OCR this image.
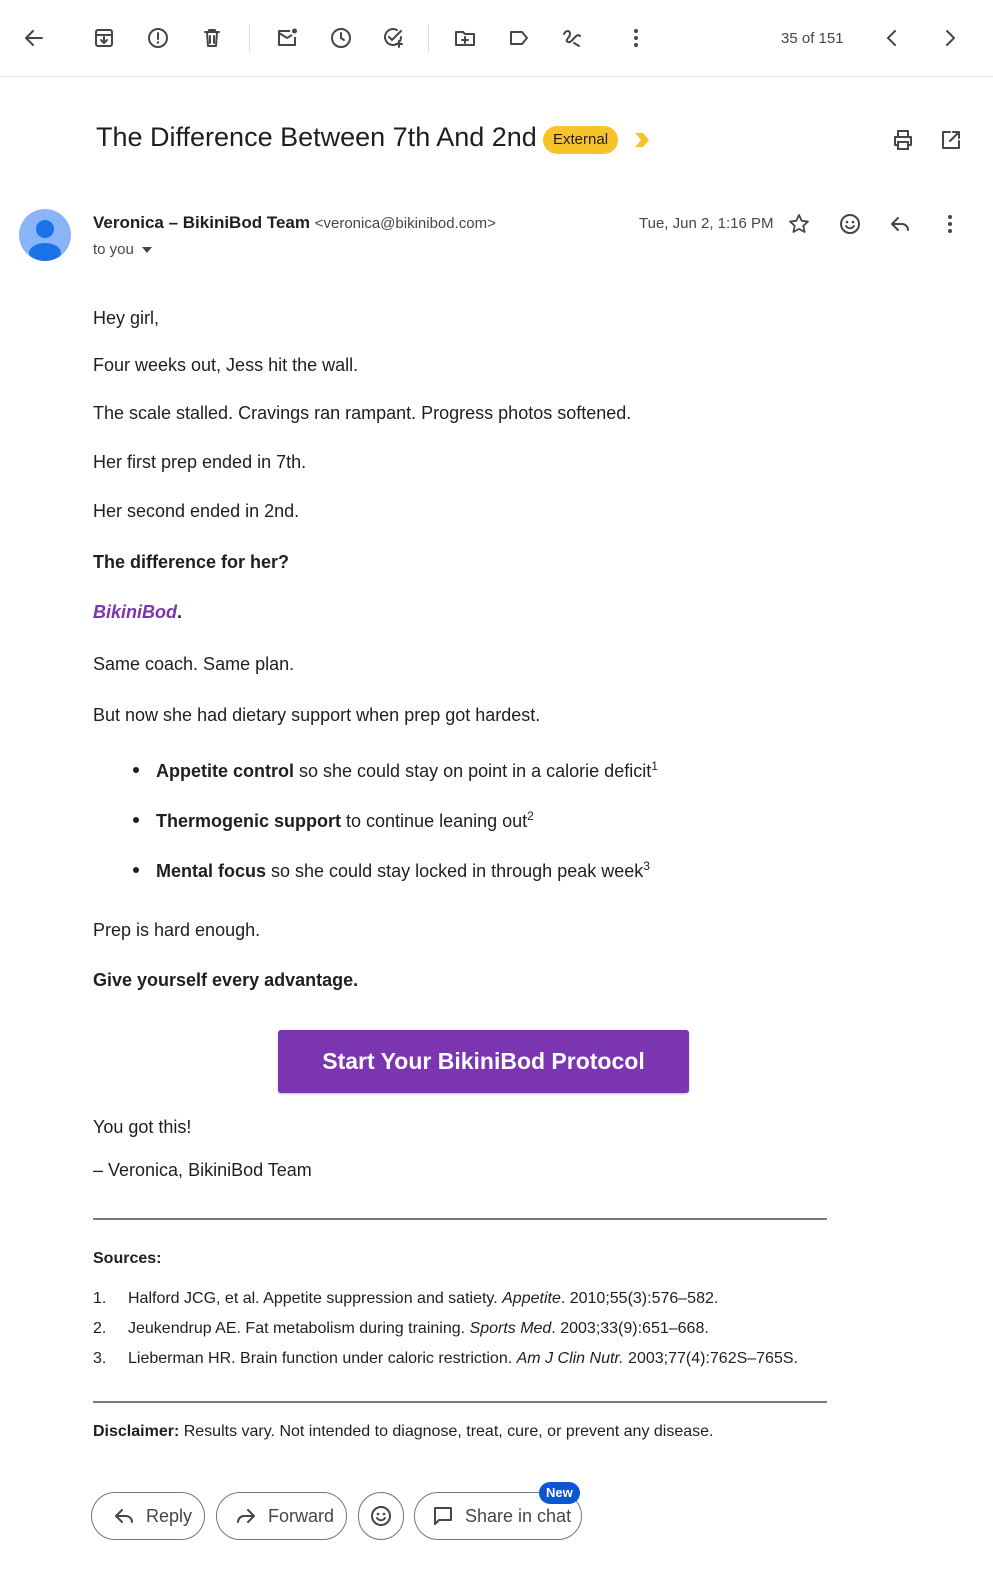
35 of 151
The Difference Between 7th And 2nd	External
Veronica – BikiniBod Team <veronica@bikinibod.com>
to you
Tue, Jun 2, 1:16 PM
Hey girl,
Four weeks out, Jess hit the wall.
The scale stalled. Cravings ran rampant. Progress photos softened.
Her first prep ended in 7th.
Her second ended in 2nd.
The difference for her?
BikiniBod.
Same coach. Same plan.
But now she had dietary support when prep got hardest.
Appetite control so she could stay on point in a calorie deficit$^1$
Thermogenic support to continue leaning out$^2$
Mental focus so she could stay locked in through peak week$^3$
Prep is hard enough.
Give yourself every advantage.
Start Your BikiniBod Protocol
You got this!
– Veronica, BikiniBod Team
Sources:
1. Halford JCG, et al. Appetite suppression and satiety. Appetite. 2010;55(3):576–582.
2. Jeukendrup AE. Fat metabolism during training. Sports Med. 2003;33(9):651–668.
3. Lieberman HR. Brain function under caloric restriction. Am J Clin Nutr. 2003;77(4):762S–765S.
Disclaimer: Results vary. Not intended to diagnose, treat, cure, or prevent any disease.
Reply	Forward	Share in chat
New
